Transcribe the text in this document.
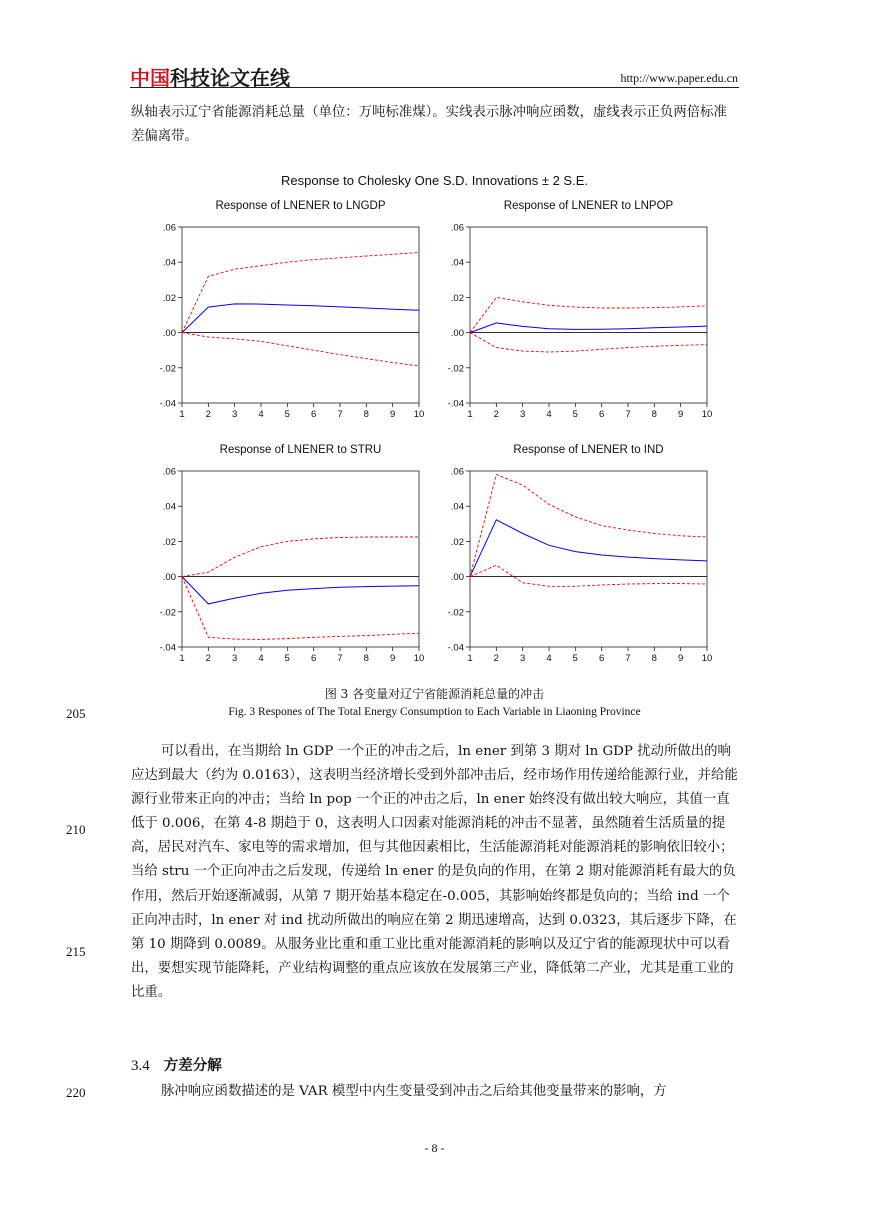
中国科技论文在线	http://www.paper.edu.cn

纵轴表示辽宁省能源消耗总量（单位：万吨标准煤）。实线表示脉冲响应函数，虚线表示正负两倍标准差偏离带。

Response to Cholesky One S.D. Innovations ± 2 S.E.
Response of LNENER to LNGDP
.06
.04
.02
.00
-.02
-.04
1 2 3 4 5 6 7 8 9 10
Response of LNENER to LNPOP
.06
.04
.02
.00
-.02
-.04
1 2 3 4 5 6 7 8 9 10
Response of LNENER to STRU
.06
.04
.02
.00
-.02
-.04
1 2 3 4 5 6 7 8 9 10
Response of LNENER to IND
.06
.04
.02
.00
-.02
-.04
1 2 3 4 5 6 7 8 9 10
图 3 各变量对辽宁省能源消耗总量的冲击
205	Fig. 3 Respones of The Total Energy Consumption to Each Variable in Liaoning Province

可以看出，在当期给 ln GDP 一个正的冲击之后，ln ener 到第 3 期对 ln GDP 扰动所做出的响应达到最大（约为 0.0163），这表明当经济增长受到外部冲击后，经市场作用传递给能源行业，并给能源行业带来正向的冲击；当给 ln pop 一个正的冲击之后，ln ener 始终没有做出较大响应，其值一直低于 0.006，在第 4-8 期趋于 0，这表明人口因素对能源消耗的冲击不显著，虽然随着生活质量的提高，居民对汽车、家电等的需求增加，但与其他因素相比，生活能源消耗对能源消耗的影响依旧较小；当给 stru 一个正向冲击之后发现，传递给 ln ener 的是负向的作用，在第 2 期对能源消耗有最大的负作用，然后开始逐渐减弱，从第 7 期开始基本稳定在-0.005，其影响始终都是负向的；当给 ind 一个正向冲击时，ln ener 对 ind 扰动所做出的响应在第 2 期迅速增高，达到 0.0323，其后逐步下降，在第 10 期降到 0.0089。从服务业比重和重工业比重对能源消耗的影响以及辽宁省的能源现状中可以看出，要想实现节能降耗，产业结构调整的重点应该放在发展第三产业，降低第二产业，尤其是重工业的比重。

210
215
3.4 方差分解
220	脉冲响应函数描述的是 VAR 模型中内生变量受到冲击之后给其他变量带来的影响，方

- 8 -
